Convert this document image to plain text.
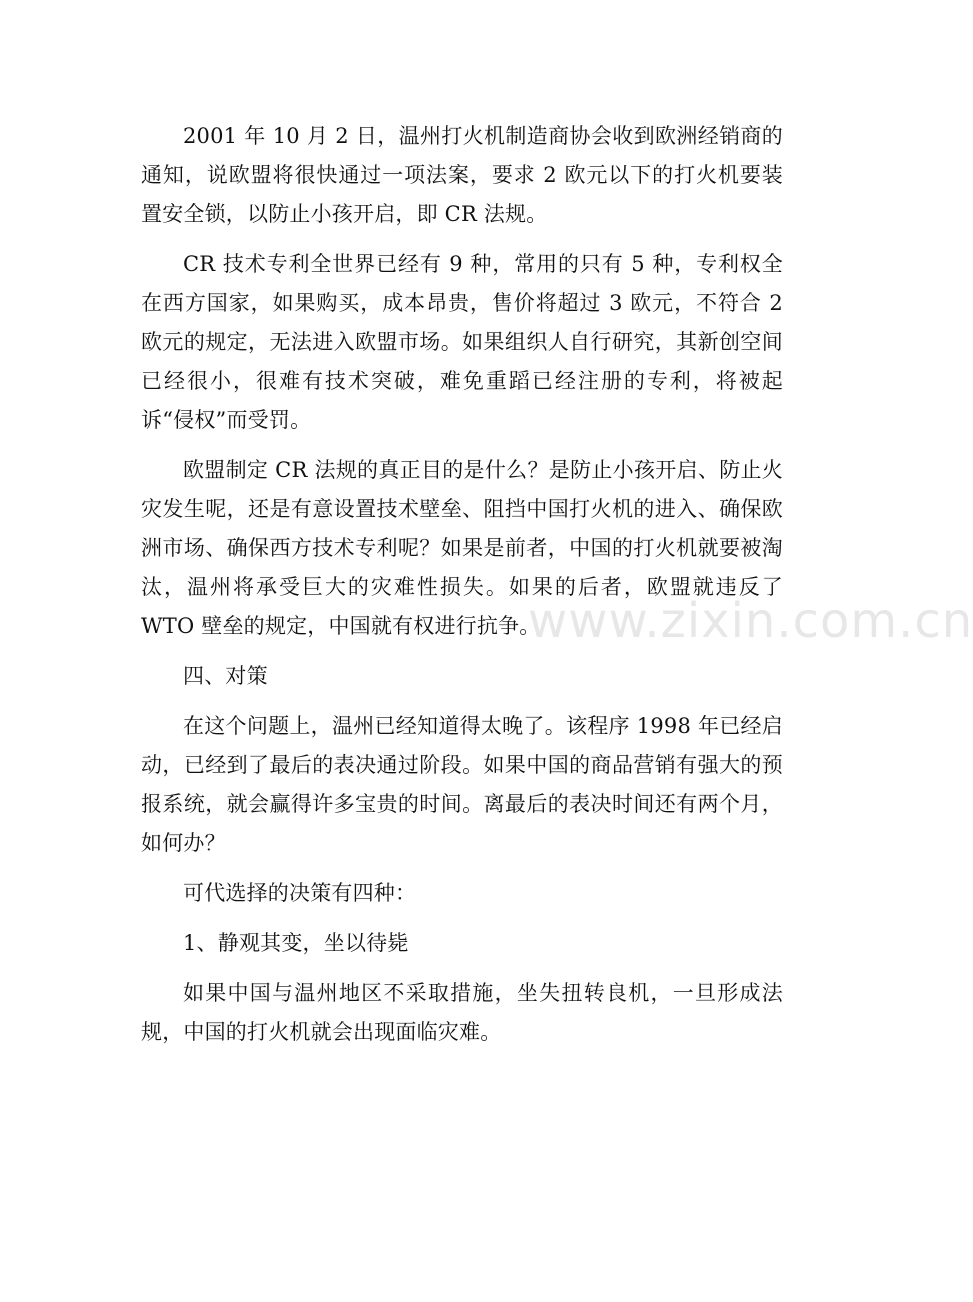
2001 年 10 月 2 日，温州打火机制造商协会收到欧洲经销商的通知，说欧盟将很快通过一项法案，要求 2 欧元以下的打火机要装置安全锁，以防止小孩开启，即 CR 法规。

CR 技术专利全世界已经有 9 种，常用的只有 5 种，专利权全在西方国家，如果购买，成本昂贵，售价将超过 3 欧元，不符合 2 欧元的规定，无法进入欧盟市场。如果组织人自行研究，其新创空间已经很小，很难有技术突破，难免重蹈已经注册的专利，将被起诉“侵权”而受罚。

欧盟制定 CR 法规的真正目的是什么？是防止小孩开启、防止火灾发生呢，还是有意设置技术壁垒、阻挡中国打火机的进入、确保欧洲市场、确保西方技术专利呢？如果是前者，中国的打火机就要被淘汰，温州将承受巨大的灾难性损失。如果的后者，欧盟就违反了 WTO 壁垒的规定，中国就有权进行抗争。

四、对策

在这个问题上，温州已经知道得太晚了。该程序 1998 年已经启动，已经到了最后的表决通过阶段。如果中国的商品营销有强大的预报系统，就会赢得许多宝贵的时间。离最后的表决时间还有两个月，如何办？

可代选择的决策有四种：

1、静观其变，坐以待毙

如果中国与温州地区不采取措施，坐失扭转良机，一旦形成法规，中国的打火机就会出现面临灾难。

www.zixin.com.cn
